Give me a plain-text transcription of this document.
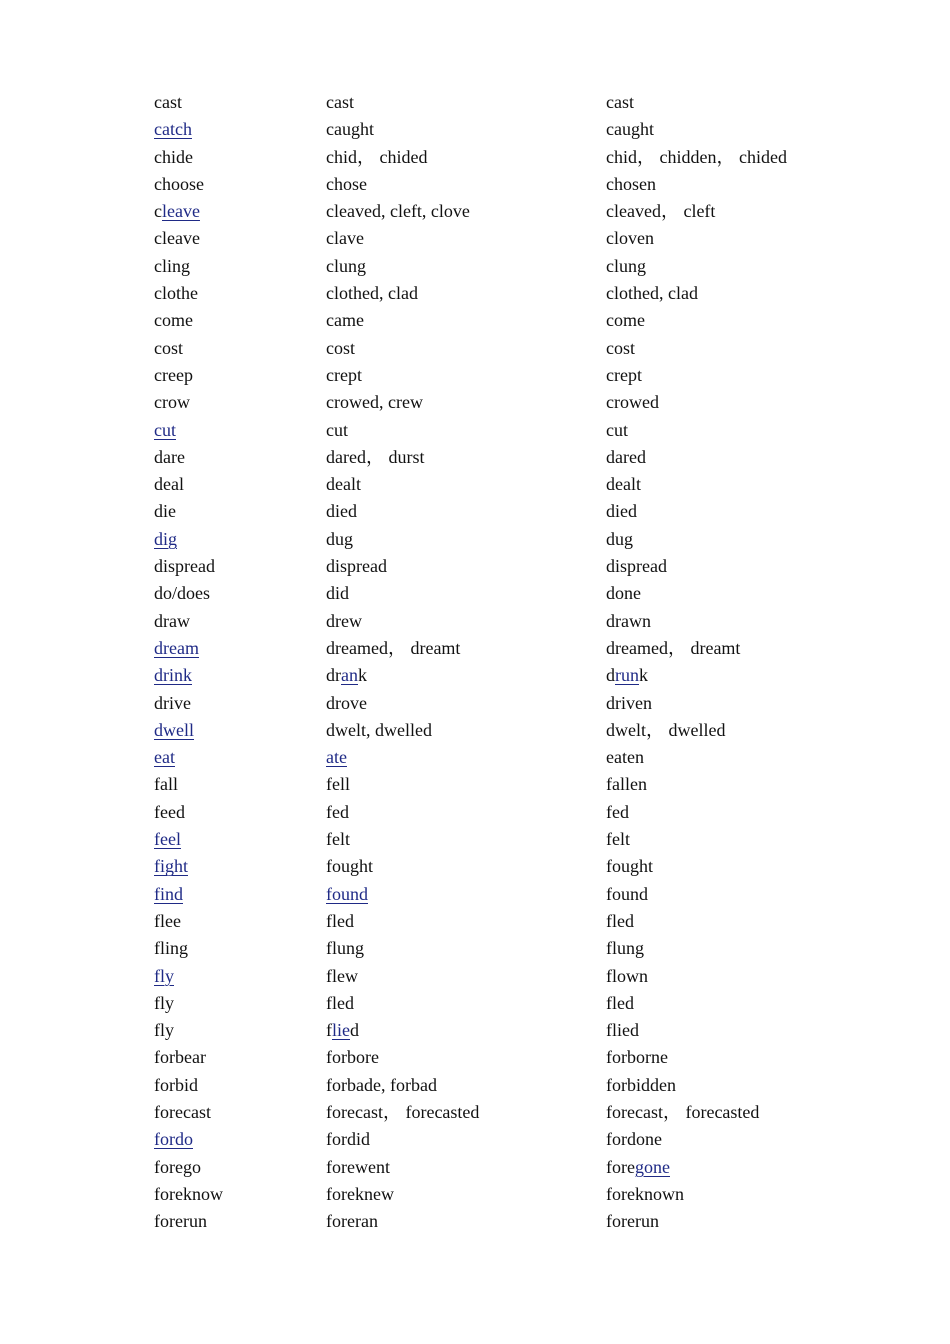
cast	cast	cast
catch	caught	caught
chide	chid， chided	chid， chidden， chided
choose	chose	chosen
cleave	cleaved, cleft, clove	cleaved， cleft
cleave	clave	cloven
cling	clung	clung
clothe	clothed, clad	clothed, clad
come	came	come
cost	cost	cost
creep	crept	crept
crow	crowed, crew	crowed
cut	cut	cut
dare	dared， durst	dared
deal	dealt	dealt
die	died	died
dig	dug	dug
dispread	dispread	dispread
do/does	did	done
draw	drew	drawn
dream	dreamed， dreamt	dreamed， dreamt
drink	drank	drunk
drive	drove	driven
dwell	dwelt, dwelled	dwelt， dwelled
eat	ate	eaten
fall	fell	fallen
feed	fed	fed
feel	felt	felt
fight	fought	fought
find	found	found
flee	fled	fled
fling	flung	flung
fly	flew	flown
fly	fled	fled
fly	flied	flied
forbear	forbore	forborne
forbid	forbade, forbad	forbidden
forecast	forecast， forecasted	forecast， forecasted
fordo	fordid	fordone
forego	forewent	foregone
foreknow	foreknew	foreknown
forerun	foreran	forerun
